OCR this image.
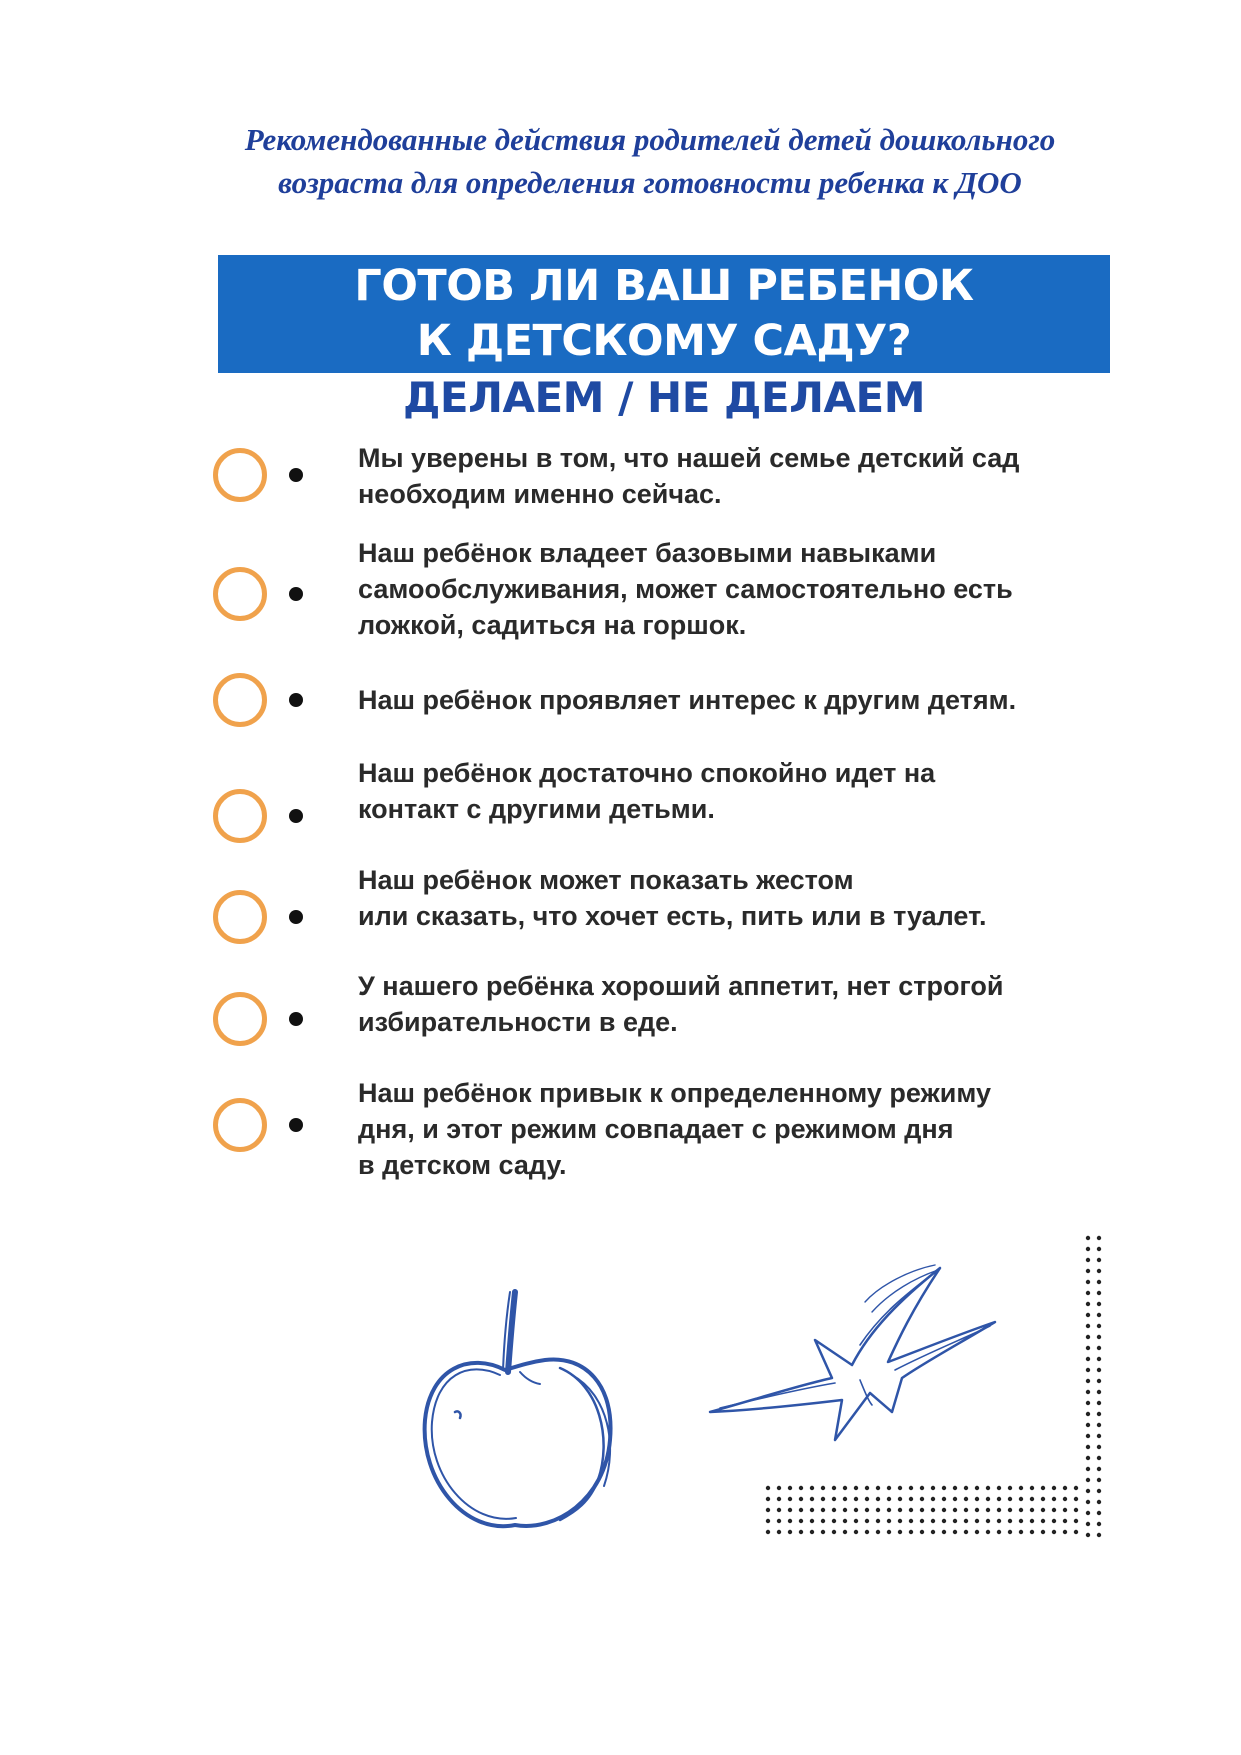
Рекомендованные действия родителей детей дошкольного
возраста для определения готовности ребенка к ДОО
ГОТОВ ЛИ ВАШ РЕБЕНОК
К ДЕТСКОМУ САДУ?
ДЕЛАЕМ / НЕ ДЕЛАЕМ
Мы уверены в том, что нашей семье детский сад
необходим именно сейчас.
Наш ребёнок владеет базовыми навыками
самообслуживания, может самостоятельно есть
ложкой, садиться на горшок.
Наш ребёнок проявляет интерес к другим детям.
Наш ребёнок достаточно спокойно идет на
контакт с другими детьми.
Наш ребёнок может показать жестом
или сказать, что хочет есть, пить или в туалет.
У нашего ребёнка хороший аппетит, нет строгой
избирательности в еде.
Наш ребёнок привык к определенному режиму
дня, и этот режим совпадает с режимом дня
в детском саду.
